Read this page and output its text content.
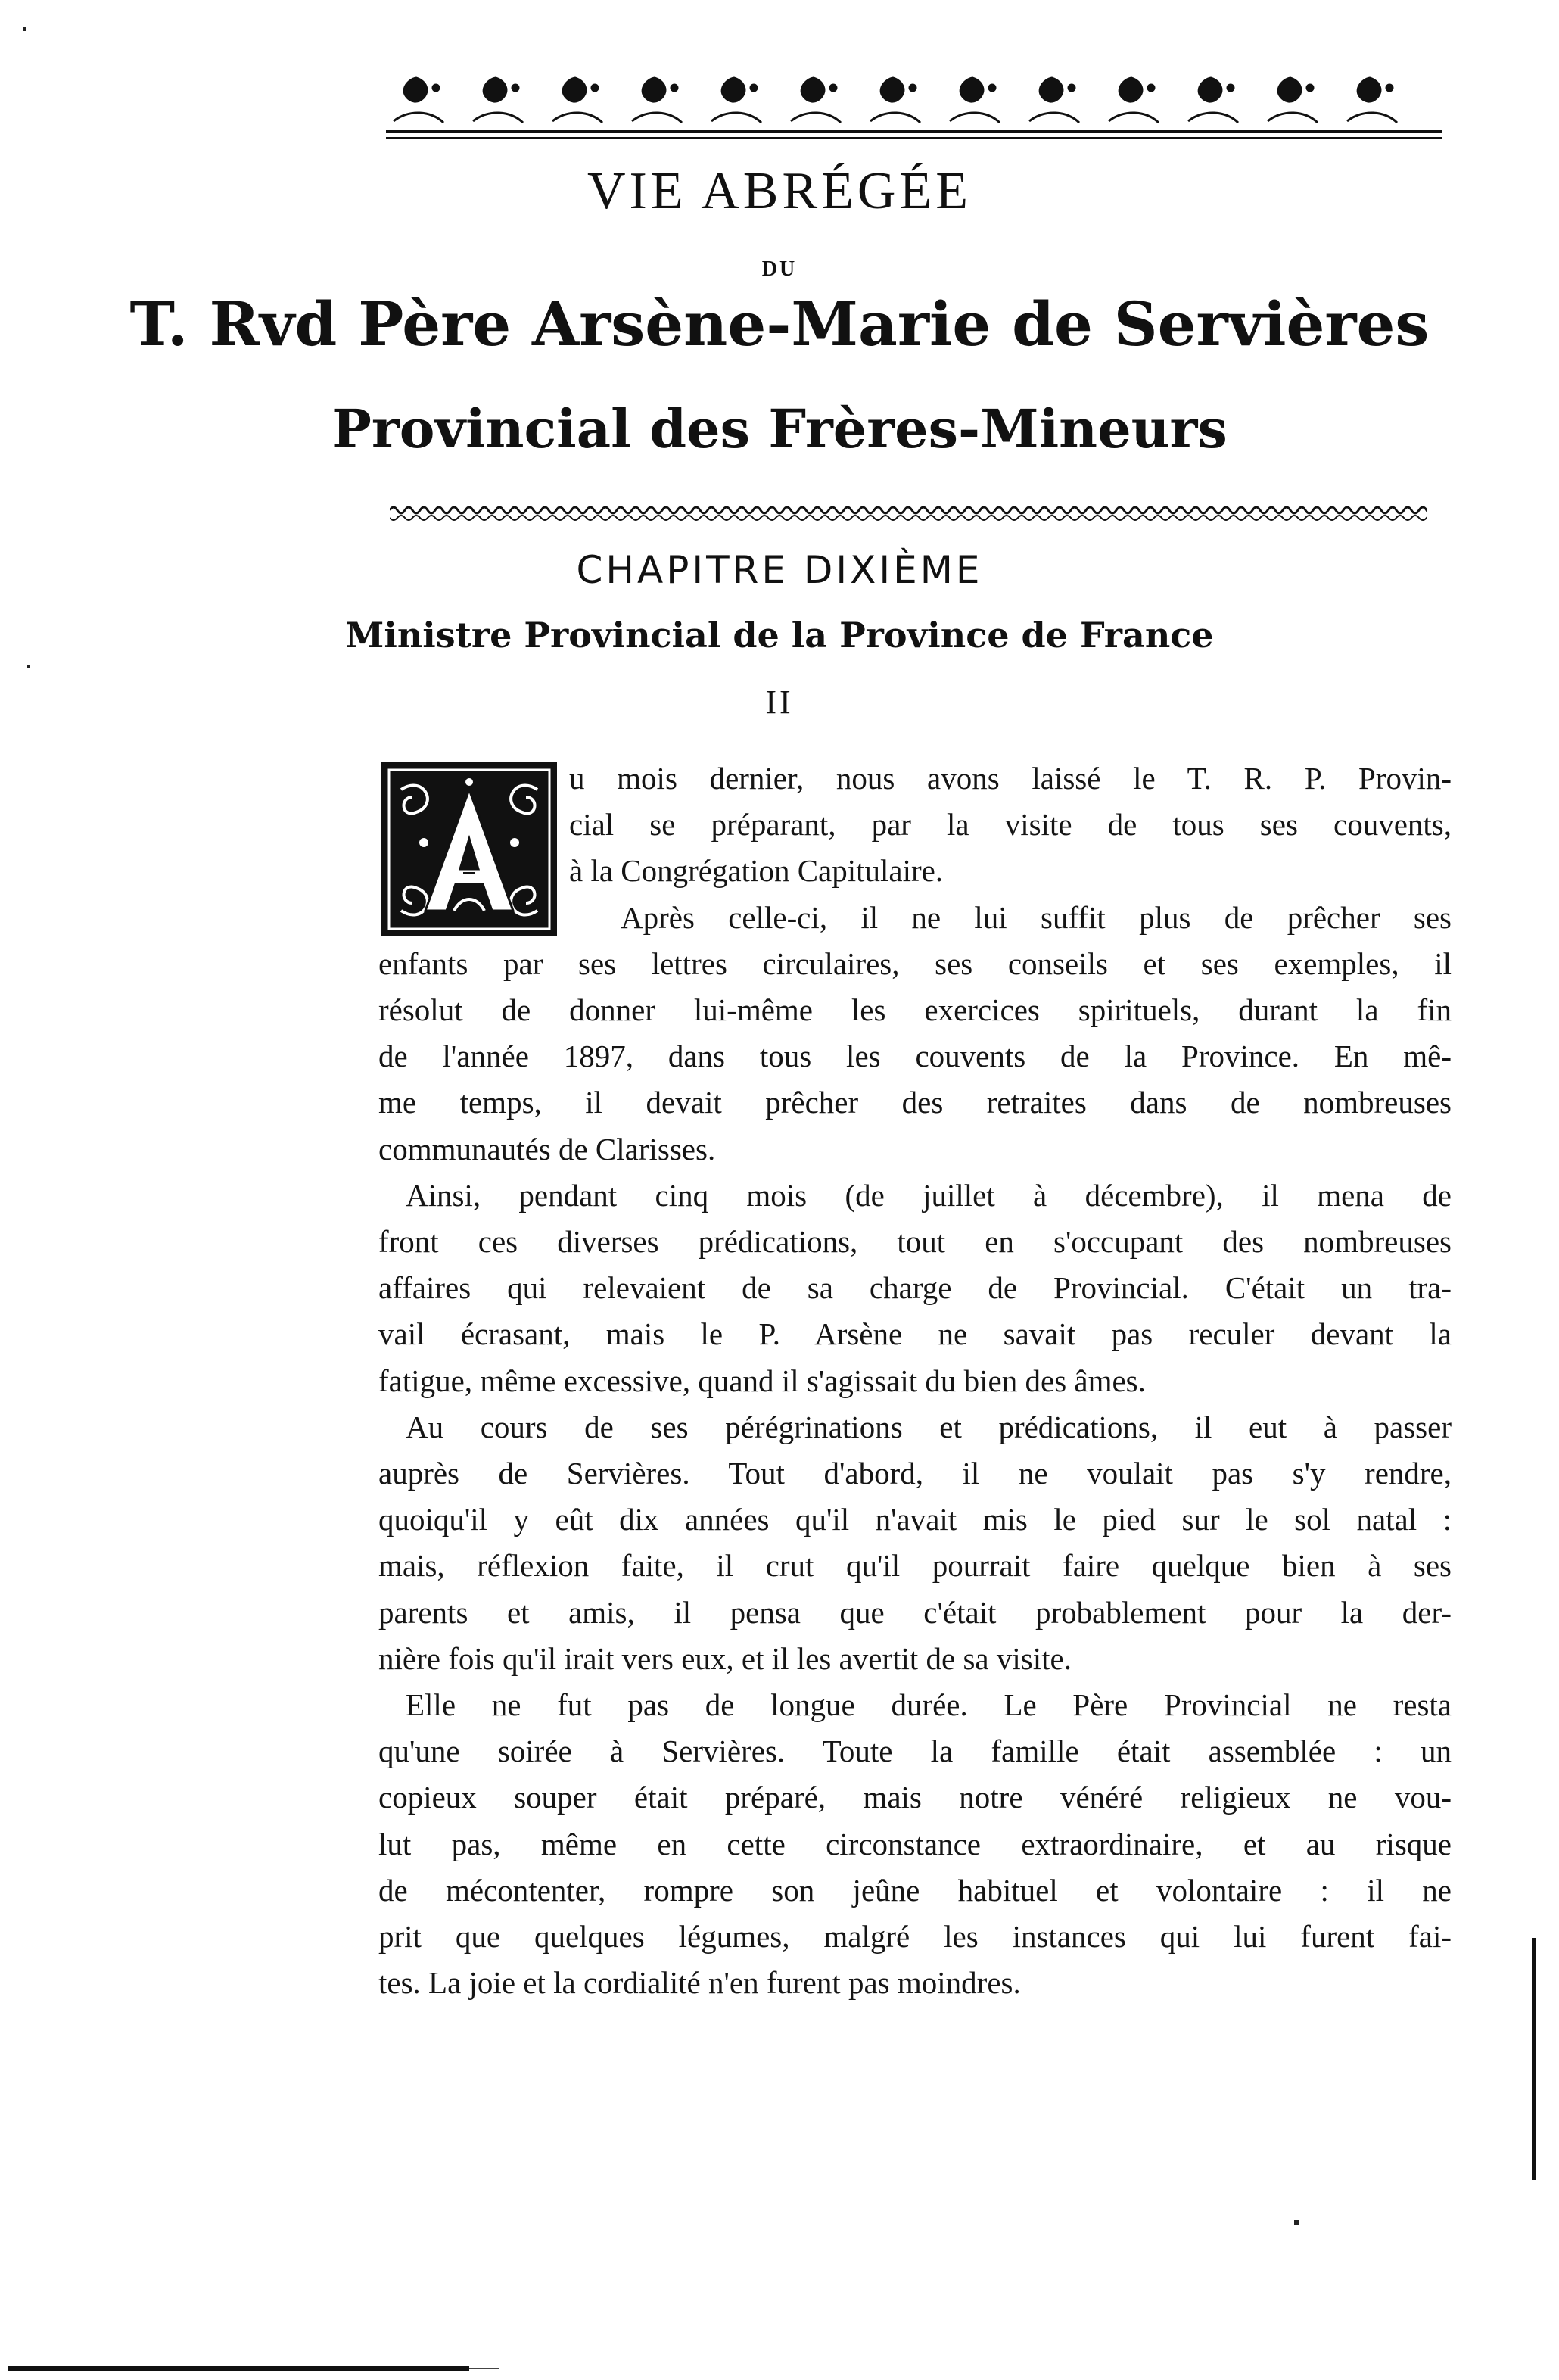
VIE ABRÉGÉE
DU
T. Rvd Père Arsène-Marie de Servières
Provincial des Frères-Mineurs
CHAPITRE DIXIÈME
Ministre Provincial de la Province de France
II
u mois dernier, nous avons laissé le T. R. P. Provin-
cial se préparant, par la visite de tous ses couvents,
à la Congrégation Capitulaire.
Après celle-ci, il ne lui suffit plus de prêcher ses
enfants par ses lettres circulaires, ses conseils et ses exemples, il
résolut de donner lui-même les exercices spirituels, durant la fin
de l'année 1897, dans tous les couvents de la Province. En mê-
me temps, il devait prêcher des retraites dans de nombreuses
communautés de Clarisses.
Ainsi, pendant cinq mois (de juillet à décembre), il mena de
front ces diverses prédications, tout en s'occupant des nombreuses
affaires qui relevaient de sa charge de Provincial. C'était un tra-
vail écrasant, mais le P. Arsène ne savait pas reculer devant la
fatigue, même excessive, quand il s'agissait du bien des âmes.
Au cours de ses pérégrinations et prédications, il eut à passer
auprès de Servières. Tout d'abord, il ne voulait pas s'y rendre,
quoiqu'il y eût dix années qu'il n'avait mis le pied sur le sol natal :
mais, réflexion faite, il crut qu'il pourrait faire quelque bien à ses
parents et amis, il pensa que c'était probablement pour la der-
nière fois qu'il irait vers eux, et il les avertit de sa visite.
Elle ne fut pas de longue durée. Le Père Provincial ne resta
qu'une soirée à Servières. Toute la famille était assemblée : un
copieux souper était préparé, mais notre vénéré religieux ne vou-
lut pas, même en cette circonstance extraordinaire, et au risque
de mécontenter, rompre son jeûne habituel et volontaire : il ne
prit que quelques légumes, malgré les instances qui lui furent fai-
tes. La joie et la cordialité n'en furent pas moindres.
